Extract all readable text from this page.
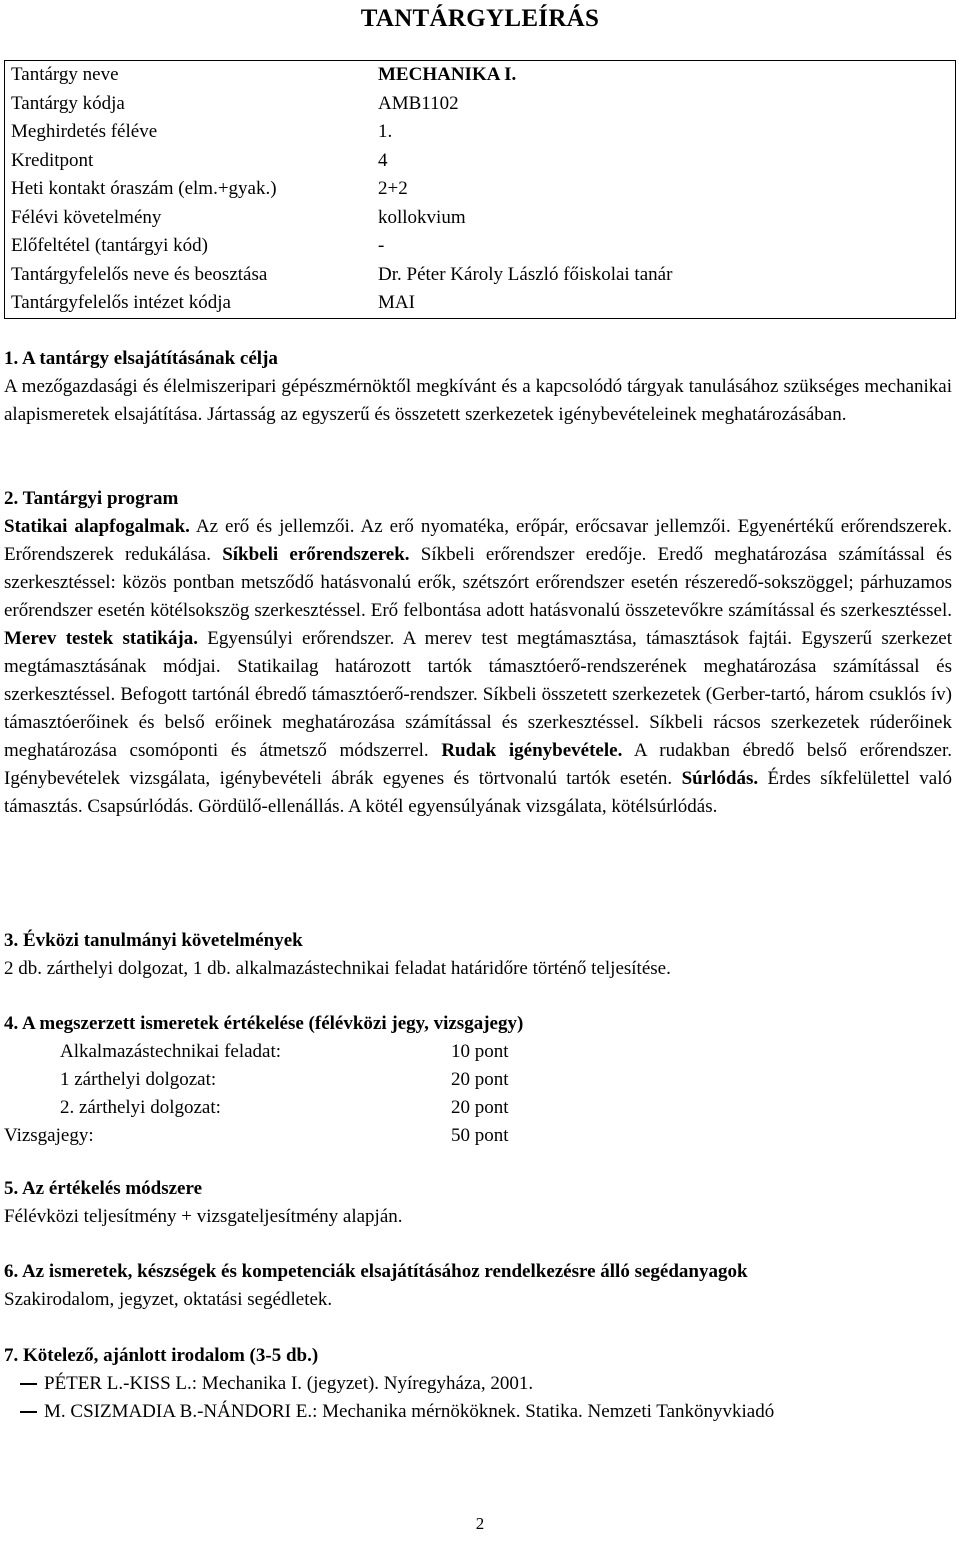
TANTÁRGYLEÍRÁS
Tantárgy neve	MECHANIKA I.
Tantárgy kódja	AMB1102
Meghirdetés féléve	1.
Kreditpont	4
Heti kontakt óraszám (elm.+gyak.)	2+2
Félévi követelmény	kollokvium
Előfeltétel (tantárgyi kód)	-
Tantárgyfelelős neve és beosztása	Dr. Péter Károly László főiskolai tanár
Tantárgyfelelős intézet kódja	MAI
1. A tantárgy elsajátításának célja
A mezőgazdasági és élelmiszeripari gépészmérnöktől megkívánt és a kapcsolódó tárgyak tanulásához szükséges mechanikai alapismeretek elsajátítása. Jártasság az egyszerű és összetett szerkezetek igénybevételeinek meghatározásában.
2. Tantárgyi program
Statikai alapfogalmak. Az erő és jellemzői. Az erő nyomatéka, erőpár, erőcsavar jellemzői. Egyenértékű erőrendszerek. Erőrendszerek redukálása. Síkbeli erőrendszerek. Síkbeli erőrendszer eredője. Eredő meghatározása számítással és szerkesztéssel: közös pontban metsződő hatásvonalú erők, szétszórt erőrendszer esetén részeredő-sokszöggel; párhuzamos erőrendszer esetén kötélsokszög szerkesztéssel. Erő felbontása adott hatásvonalú összetevőkre számítással és szerkesztéssel. Merev testek statikája. Egyensúlyi erőrendszer. A merev test megtámasztása, támasztások fajtái. Egyszerű szerkezet megtámasztásának módjai. Statikailag határozott tartók támasztóerő-rendszerének meghatározása számítással és szerkesztéssel. Befogott tartónál ébredő támasztóerő-rendszer. Síkbeli összetett szerkezetek (Gerber-tartó, három csuklós ív) támasztóerőinek és belső erőinek meghatározása számítással és szerkesztéssel. Síkbeli rácsos szerkezetek rúderőinek meghatározása csomóponti és átmetsző módszerrel. Rudak igénybevétele. A rudakban ébredő belső erőrendszer. Igénybevételek vizsgálata, igénybevételi ábrák egyenes és törtvonalú tartók esetén. Súrlódás. Érdes síkfelülettel való támasztás. Csapsúrlódás. Gördülő-ellenállás. A kötél egyensúlyának vizsgálata, kötélsúrlódás.
3. Évközi tanulmányi követelmények
2 db. zárthelyi dolgozat, 1 db. alkalmazástechnikai feladat határidőre történő teljesítése.
4. A megszerzett ismeretek értékelése (félévközi jegy, vizsgajegy)
Alkalmazástechnikai feladat:	10 pont
1 zárthelyi dolgozat:	20 pont
2. zárthelyi dolgozat:	20 pont
Vizsgajegy:	50 pont
5. Az értékelés módszere
Félévközi teljesítmény + vizsgateljesítmény alapján.
6. Az ismeretek, készségek és kompetenciák elsajátításához rendelkezésre álló segédanyagok
Szakirodalom, jegyzet, oktatási segédletek.
7. Kötelező, ajánlott irodalom (3-5 db.)
PÉTER L.-KISS L.: Mechanika I. (jegyzet). Nyíregyháza, 2001.
M. CSIZMADIA B.-NÁNDORI E.: Mechanika mérnököknek. Statika. Nemzeti Tankönyvkiadó
2
